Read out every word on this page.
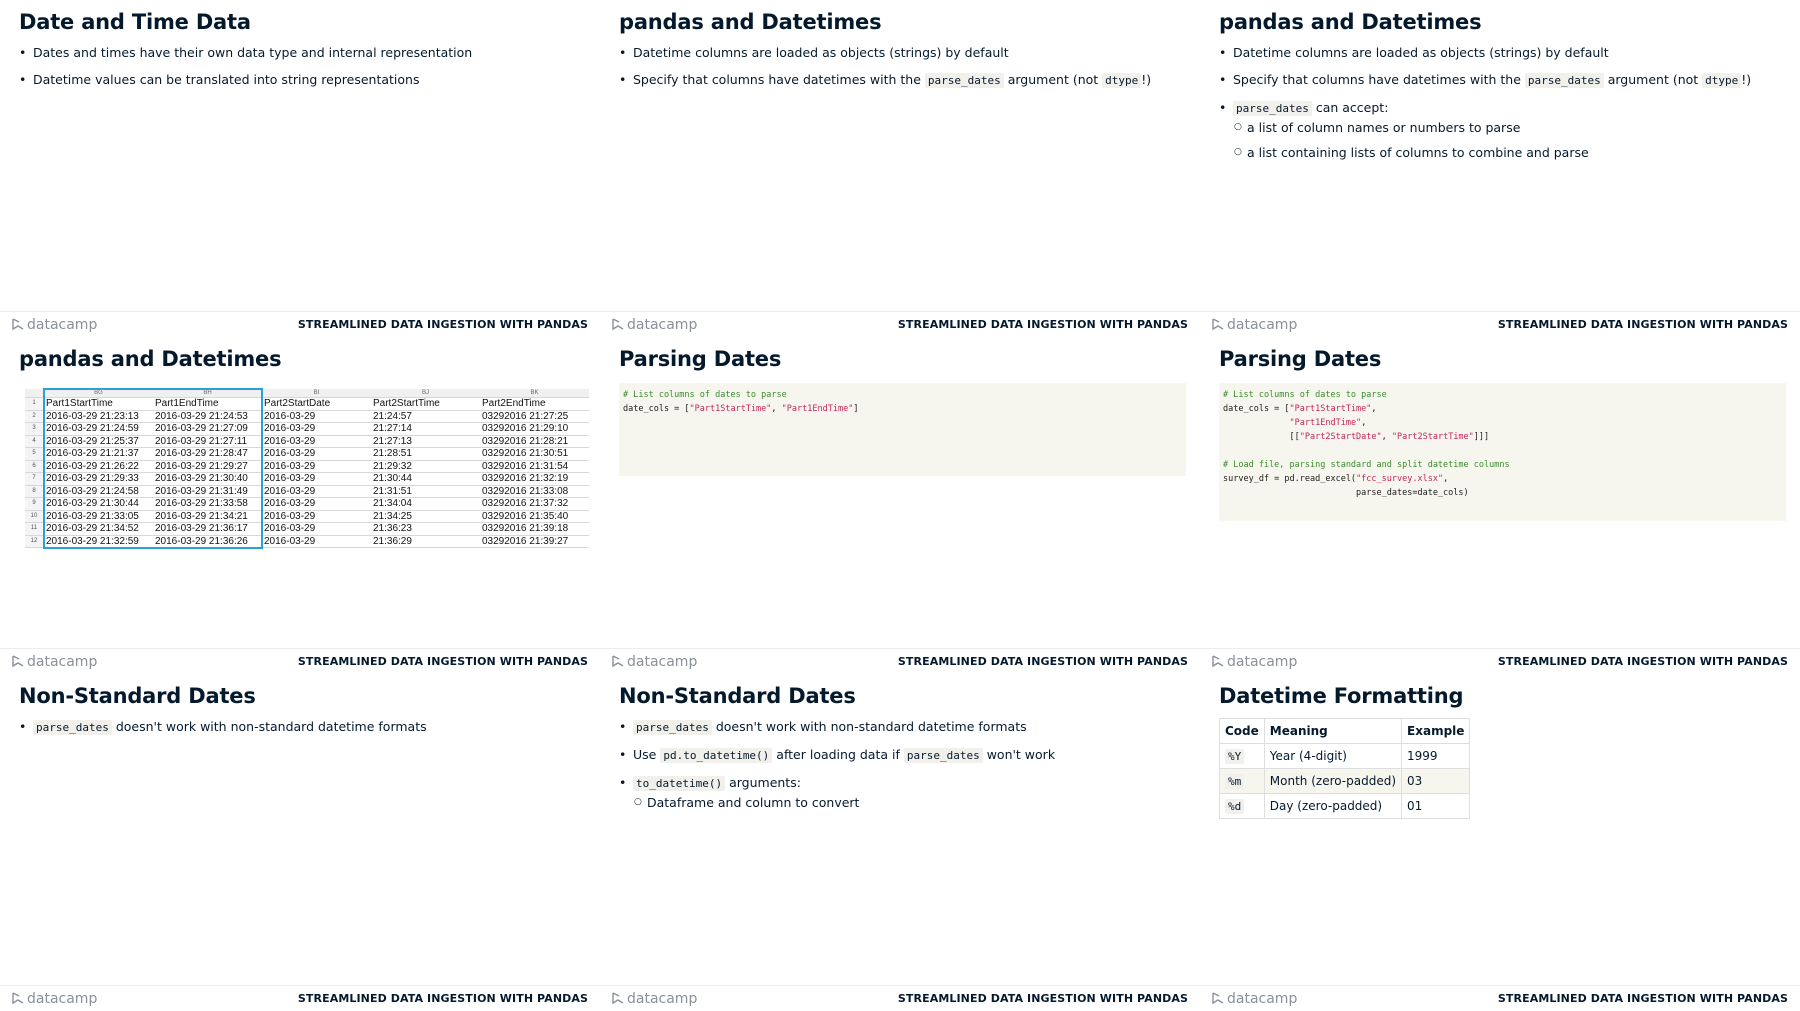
Date and Time Data
• Dates and times have their own data type and internal representation
• Datetime values can be translated into string representations
datacamp	STREAMLINED DATA INGESTION WITH PANDAS
pandas and Datetimes
• Datetime columns are loaded as objects (strings) by default
• Specify that columns have datetimes with the parse_dates argument (not dtype !)
datacamp	STREAMLINED DATA INGESTION WITH PANDAS
pandas and Datetimes
• Datetime columns are loaded as objects (strings) by default
• Specify that columns have datetimes with the parse_dates argument (not dtype !)
• parse_dates can accept:
○ a list of column names or numbers to parse
○ a list containing lists of columns to combine and parse
datacamp	STREAMLINED DATA INGESTION WITH PANDAS
pandas and Datetimes
	BG	BH	BI	BJ	BK
1	Part1StartTime	Part1EndTime	Part2StartDate	Part2StartTime	Part2EndTime
2	2016-03-29 21:23:13	2016-03-29 21:24:53	2016-03-29	21:24:57	03292016 21:27:25
3	2016-03-29 21:24:59	2016-03-29 21:27:09	2016-03-29	21:27:14	03292016 21:29:10
4	2016-03-29 21:25:37	2016-03-29 21:27:11	2016-03-29	21:27:13	03292016 21:28:21
5	2016-03-29 21:21:37	2016-03-29 21:28:47	2016-03-29	21:28:51	03292016 21:30:51
6	2016-03-29 21:26:22	2016-03-29 21:29:27	2016-03-29	21:29:32	03292016 21:31:54
7	2016-03-29 21:29:33	2016-03-29 21:30:40	2016-03-29	21:30:44	03292016 21:32:19
8	2016-03-29 21:24:58	2016-03-29 21:31:49	2016-03-29	21:31:51	03292016 21:33:08
9	2016-03-29 21:30:44	2016-03-29 21:33:58	2016-03-29	21:34:04	03292016 21:37:32
10	2016-03-29 21:33:05	2016-03-29 21:34:21	2016-03-29	21:34:25	03292016 21:35:40
11	2016-03-29 21:34:52	2016-03-29 21:36:17	2016-03-29	21:36:23	03292016 21:39:18
12	2016-03-29 21:32:59	2016-03-29 21:36:26	2016-03-29	21:36:29	03292016 21:39:27
datacamp	STREAMLINED DATA INGESTION WITH PANDAS
Parsing Dates
# List columns of dates to parse
date_cols = ["Part1StartTime", "Part1EndTime"]
datacamp	STREAMLINED DATA INGESTION WITH PANDAS
Parsing Dates
# List columns of dates to parse
date_cols = ["Part1StartTime",
"Part1EndTime",
[["Part2StartDate", "Part2StartTime"]]]

# Load file, parsing standard and split datetime columns
survey_df = pd.read_excel("fcc_survey.xlsx",
parse_dates=date_cols)
datacamp	STREAMLINED DATA INGESTION WITH PANDAS
Non-Standard Dates
• parse_dates doesn't work with non-standard datetime formats
datacamp	STREAMLINED DATA INGESTION WITH PANDAS
Non-Standard Dates
• parse_dates doesn't work with non-standard datetime formats
• Use pd.to_datetime() after loading data if parse_dates won't work
• to_datetime() arguments:
○ Dataframe and column to convert
datacamp	STREAMLINED DATA INGESTION WITH PANDAS
Datetime Formatting
Code	Meaning	Example
%Y	Year (4-digit)	1999
%m	Month (zero-padded)	03
%d	Day (zero-padded)	01
datacamp	STREAMLINED DATA INGESTION WITH PANDAS
